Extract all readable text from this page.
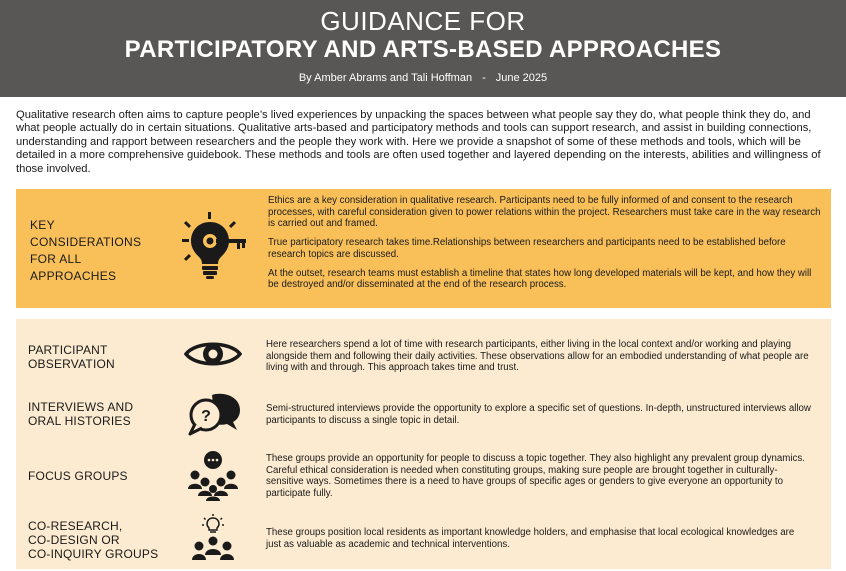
GUIDANCE FOR
PARTICIPATORY AND ARTS-BASED APPROACHES
By Amber Abrams and Tali Hoffman - June 2025
Qualitative research often aims to capture people’s lived experiences by unpacking the spaces between what people say they do, what people think they do, and what people actually do in certain situations. Qualitative arts-based and participatory methods and tools can support research, and assist in building connections, understanding and rapport between researchers and the people they work with. Here we provide a snapshot of some of these methods and tools, which will be detailed in a more comprehensive guidebook. These methods and tools are often used together and layered depending on the interests, abilities and willingness of those involved.
KEY
CONSIDERATIONS
FOR ALL
APPROACHES

Ethics are a key consideration in qualitative research. Participants need to be fully informed of and consent to the research processes, with careful consideration given to power relations within the project. Researchers must take care in the way research is carried out and framed.

True participatory research takes time.Relationships between researchers and participants need to be established before research topics are discussed.

At the outset, research teams must establish a timeline that states how long developed materials will be kept, and how they will be destroyed and/or disseminated at the end of the research process.

PARTICIPANT
OBSERVATION
Here researchers spend a lot of time with research participants, either living in the local context and/or working and playing alongside them and following their daily activities. These observations allow for an embodied understanding of what people are living with and through. This approach takes time and trust.
INTERVIEWS AND
ORAL HISTORIES	?	Semi-structured interviews provide the opportunity to explore a specific set of questions. In-depth, unstructured interviews allow participants to discuss a single topic in detail.
FOCUS GROUPS
These groups provide an opportunity for people to discuss a topic together. They also highlight any prevalent group dynamics. Careful ethical consideration is needed when constituting groups, making sure people are brought together in culturally-sensitive ways. Sometimes there is a need to have groups of specific ages or genders to give everyone an opportunity to participate fully.
CO-RESEARCH,
CO-DESIGN OR
CO-INQUIRY GROUPS
These groups position local residents as important knowledge holders, and emphasise that local ecological knowledges are just as valuable as academic and technical interventions.
